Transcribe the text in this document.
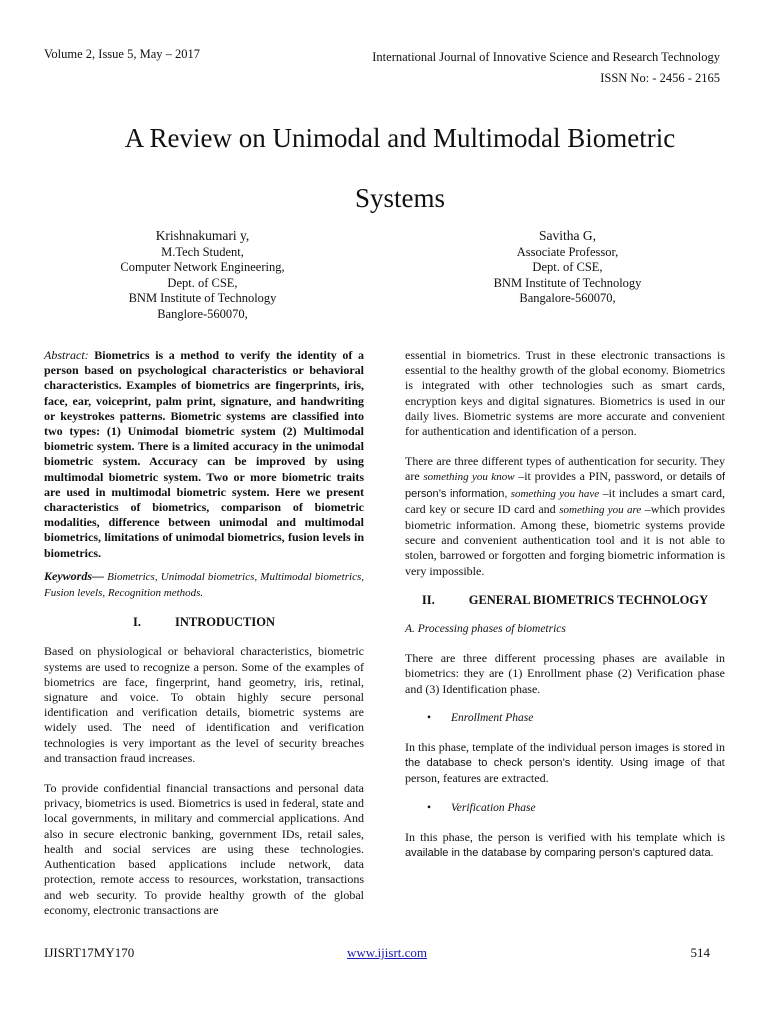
Volume 2, Issue 5, May – 2017	International Journal of Innovative Science and Research Technology
ISSN No: - 2456 - 2165
A Review on Unimodal and Multimodal Biometric
Systems
Krishnakumari y,
M.Tech Student,
Computer Network Engineering,
Dept. of CSE,
BNM Institute of Technology
Banglore-560070,
Savitha G,
Associate Professor,
Dept. of CSE,
BNM Institute of Technology
Bangalore-560070,

Abstract: Biometrics is a method to verify the identity of a person based on psychological characteristics or behavioral characteristics. Examples of biometrics are fingerprints, iris, face, ear, voiceprint, palm print, signature, and handwriting or keystrokes patterns. Biometric systems are classified into two types: (1) Unimodal biometric system (2) Multimodal biometric system. There is a limited accuracy in the unimodal biometric system. Accuracy can be improved by using multimodal biometric system. Two or more biometric traits are used in multimodal biometric system. Here we present characteristics of biometrics, comparison of biometric modalities, difference between unimodal and multimodal biometrics, limitations of unimodal biometrics, fusion levels in biometrics.

Keywords— Biometrics, Unimodal biometrics, Multimodal biometrics, Fusion levels, Recognition methods.

I.	INTRODUCTION

Based on physiological or behavioral characteristics, biometric systems are used to recognize a person. Some of the examples of biometrics are face, fingerprint, hand geometry, iris, retinal, signature and voice. To obtain highly secure personal identification and verification details, biometric systems are widely used. The need of identification and verification technologies is very important as the level of security breaches and transaction fraud increases.

To provide confidential financial transactions and personal data privacy, biometrics is used. Biometrics is used in federal, state and local governments, in military and commercial applications. And also in secure electronic banking, government IDs, retail sales, health and social services are using these technologies. Authentication based applications include network, data protection, remote access to resources, workstation, transactions and web security. To provide healthy growth of the global economy, electronic transactions are

essential in biometrics. Trust in these electronic transactions is essential to the healthy growth of the global economy. Biometrics is integrated with other technologies such as smart cards, encryption keys and digital signatures. Biometrics is used in our daily lives. Biometric systems are more accurate and convenient for authentication and identification of a person.

There are three different types of authentication for security. They are something you know –it provides a PIN, password, or details of person’s information, something you have –it includes a smart card, card key or secure ID card and something you are –which provides biometric information. Among these, biometric systems provide secure and convenient authentication tool and it is not able to stolen, barrowed or forgotten and forging biometric information is very impossible.

II.	GENERAL BIOMETRICS TECHNOLOGY
A. Processing phases of biometrics

There are three different processing phases are available in biometrics: they are (1) Enrollment phase (2) Verification phase and (3) Identification phase.

• Enrollment Phase

In this phase, template of the individual person images is stored in the database to check person’s identity. Using image of that person, features are extracted.

• Verification Phase

In this phase, the person is verified with his template which is available in the database by comparing person’s captured data.

IJISRT17MY170	www.ijisrt.com	514
